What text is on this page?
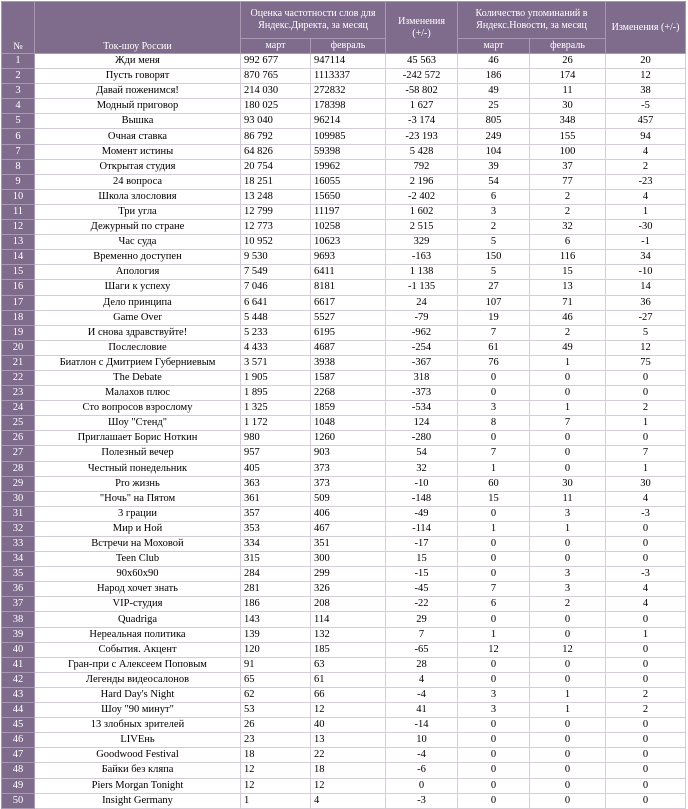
№	Ток-шоу России	Оценка частотности слов для Яндекс.Директа, за месяц		Изменения (+/-)	Количество упоминаний в Яндекс.Новости, за месяц		Изменения (+/-)
		март	февраль		март	февраль	
1	Жди меня	992 677	947114	45 563	46	26	20
2	Пусть говорят	870 765	1113337	-242 572	186	174	12
3	Давай поженимся!	214 030	272832	-58 802	49	11	38
4	Модный приговор	180 025	178398	1 627	25	30	-5
5	Вышка	93 040	96214	-3 174	805	348	457
6	Очная ставка	86 792	109985	-23 193	249	155	94
7	Момент истины	64 826	59398	5 428	104	100	4
8	Открытая студия	20 754	19962	792	39	37	2
9	24 вопроса	18 251	16055	2 196	54	77	-23
10	Школа злословия	13 248	15650	-2 402	6	2	4
11	Три угла	12 799	11197	1 602	3	2	1
12	Дежурный по стране	12 773	10258	2 515	2	32	-30
13	Час суда	10 952	10623	329	5	6	-1
14	Временно доступен	9 530	9693	-163	150	116	34
15	Апология	7 549	6411	1 138	5	15	-10
16	Шаги к успеху	7 046	8181	-1 135	27	13	14
17	Дело принципа	6 641	6617	24	107	71	36
18	Game Over	5 448	5527	-79	19	46	-27
19	И снова здравствуйте!	5 233	6195	-962	7	2	5
20	Послесловие	4 433	4687	-254	61	49	12
21	Биатлон с Дмитрием Губерниевым	3 571	3938	-367	76	1	75
22	The Debate	1 905	1587	318	0	0	0
23	Малахов плюс	1 895	2268	-373	0	0	0
24	Сто вопросов взрослому	1 325	1859	-534	3	1	2
25	Шоу "Стенд"	1 172	1048	124	8	7	1
26	Приглашает Борис Ноткин	980	1260	-280	0	0	0
27	Полезный вечер	957	903	54	7	0	7
28	Честный понедельник	405	373	32	1	0	1
29	Pro жизнь	363	373	-10	60	30	30
30	"Ночь" на Пятом	361	509	-148	15	11	4
31	3 грации	357	406	-49	0	3	-3
32	Мир и Ной	353	467	-114	1	1	0
33	Встречи на Моховой	334	351	-17	0	0	0
34	Teen Club	315	300	15	0	0	0
35	90х60х90	284	299	-15	0	3	-3
36	Народ хочет знать	281	326	-45	7	3	4
37	VIP-студия	186	208	-22	6	2	4
38	Quadriga	143	114	29	0	0	0
39	Нереальная политика	139	132	7	1	0	1
40	События. Акцент	120	185	-65	12	12	0
41	Гран-при с Алексеем Поповым	91	63	28	0	0	0
42	Легенды видеосалонов	65	61	4	0	0	0
43	Hard Day's Night	62	66	-4	3	1	2
44	Шоу "90 минут"	53	12	41	3	1	2
45	13 злобных зрителей	26	40	-14	0	0	0
46	LIVEнь	23	13	10	0	0	0
47	Goodwood Festival	18	22	-4	0	0	0
48	Байки без кляпа	12	18	-6	0	0	0
49	Piers Morgan Tonight	12	12	0	0	0	0
50	Insight Germany	1	4	-3	0	0	0
